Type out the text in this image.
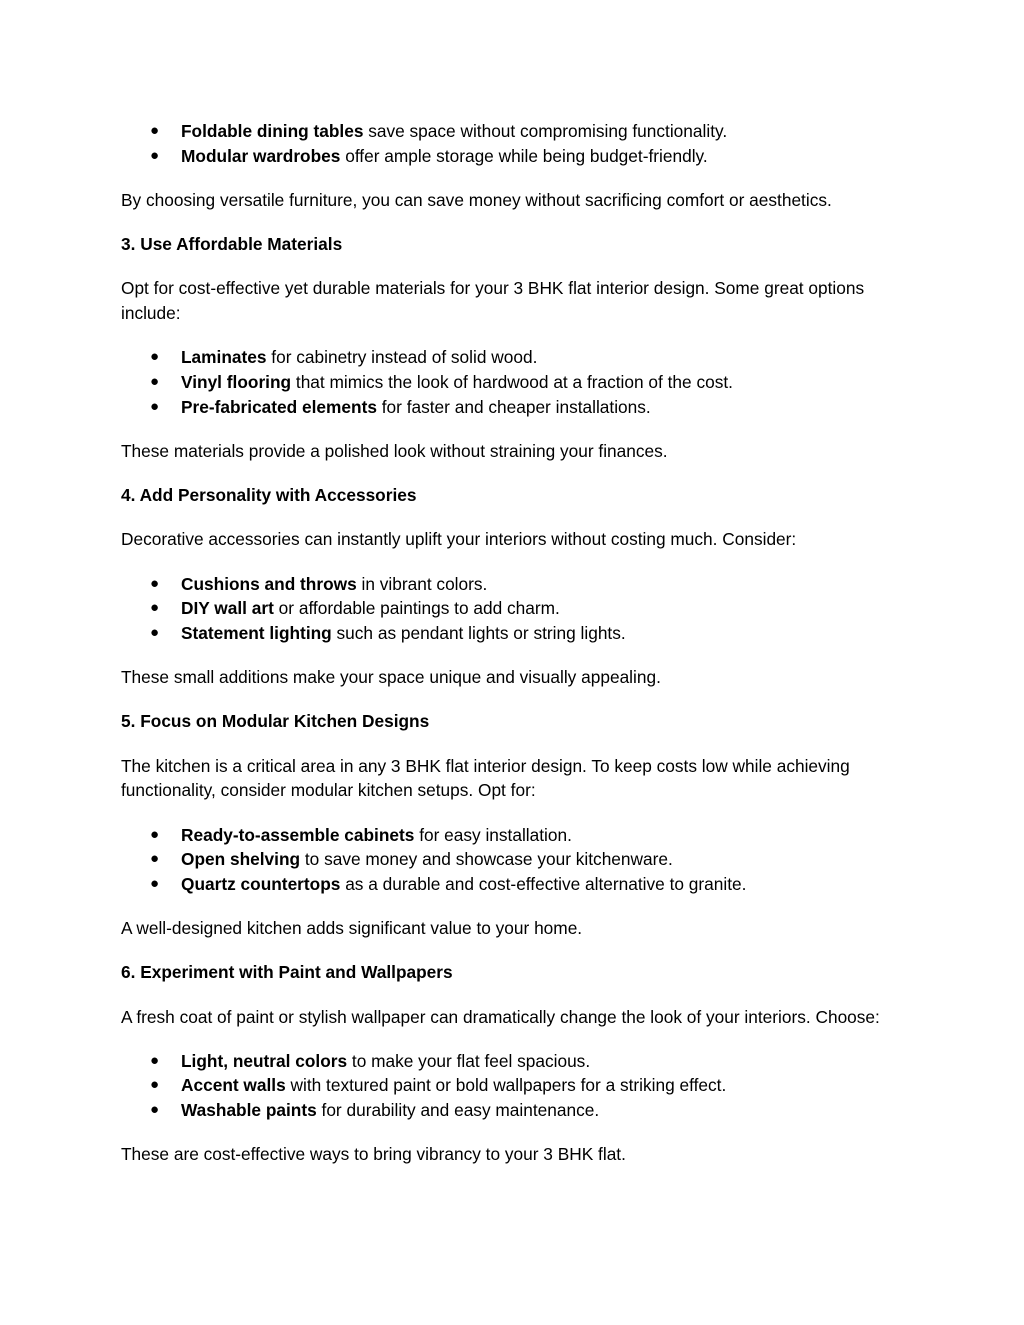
● Foldable dining tables save space without compromising functionality.
● Modular wardrobes offer ample storage while being budget-friendly.

By choosing versatile furniture, you can save money without sacrificing comfort or aesthetics.

3. Use Affordable Materials

Opt for cost-effective yet durable materials for your 3 BHK flat interior design. Some great options include:

● Laminates for cabinetry instead of solid wood.
● Vinyl flooring that mimics the look of hardwood at a fraction of the cost.
● Pre-fabricated elements for faster and cheaper installations.

These materials provide a polished look without straining your finances.

4. Add Personality with Accessories

Decorative accessories can instantly uplift your interiors without costing much. Consider:

● Cushions and throws in vibrant colors.
● DIY wall art or affordable paintings to add charm.
● Statement lighting such as pendant lights or string lights.

These small additions make your space unique and visually appealing.

5. Focus on Modular Kitchen Designs

The kitchen is a critical area in any 3 BHK flat interior design. To keep costs low while achieving functionality, consider modular kitchen setups. Opt for:

● Ready-to-assemble cabinets for easy installation.
● Open shelving to save money and showcase your kitchenware.
● Quartz countertops as a durable and cost-effective alternative to granite.

A well-designed kitchen adds significant value to your home.

6. Experiment with Paint and Wallpapers

A fresh coat of paint or stylish wallpaper can dramatically change the look of your interiors. Choose:

● Light, neutral colors to make your flat feel spacious.
● Accent walls with textured paint or bold wallpapers for a striking effect.
● Washable paints for durability and easy maintenance.

These are cost-effective ways to bring vibrancy to your 3 BHK flat.
